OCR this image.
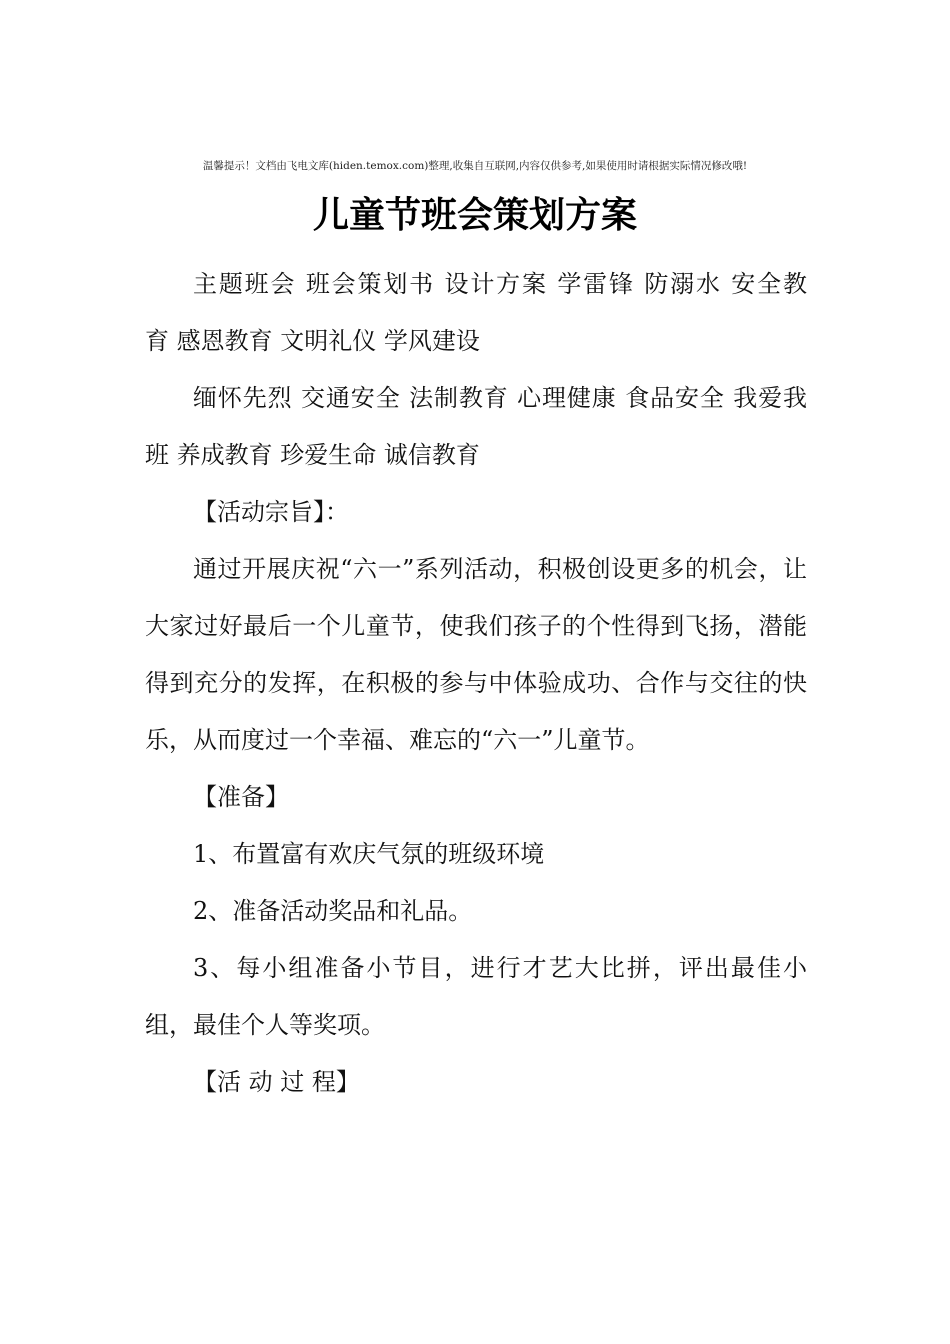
温馨提示！文档由飞电文库(hiden.temox.com)整理,收集自互联网,内容仅供参考,如果使用时请根据实际情况修改哦!
儿童节班会策划方案

主题班会 班会策划书 设计方案 学雷锋 防溺水 安全教育 感恩教育 文明礼仪 学风建设

缅怀先烈 交通安全 法制教育 心理健康 食品安全 我爱我班 养成教育 珍爱生命 诚信教育

【活动宗旨】：

通过开展庆祝“六一”系列活动，积极创设更多的机会，让大家过好最后一个儿童节，使我们孩子的个性得到飞扬，潜能得到充分的发挥，在积极的参与中体验成功、合作与交往的快乐，从而度过一个幸福、难忘的“六一”儿童节。

【准备】

1、布置富有欢庆气氛的班级环境

2、准备活动奖品和礼品。

3、每小组准备小节目，进行才艺大比拼，评出最佳小组，最佳个人等奖项。

【活 动 过 程】
